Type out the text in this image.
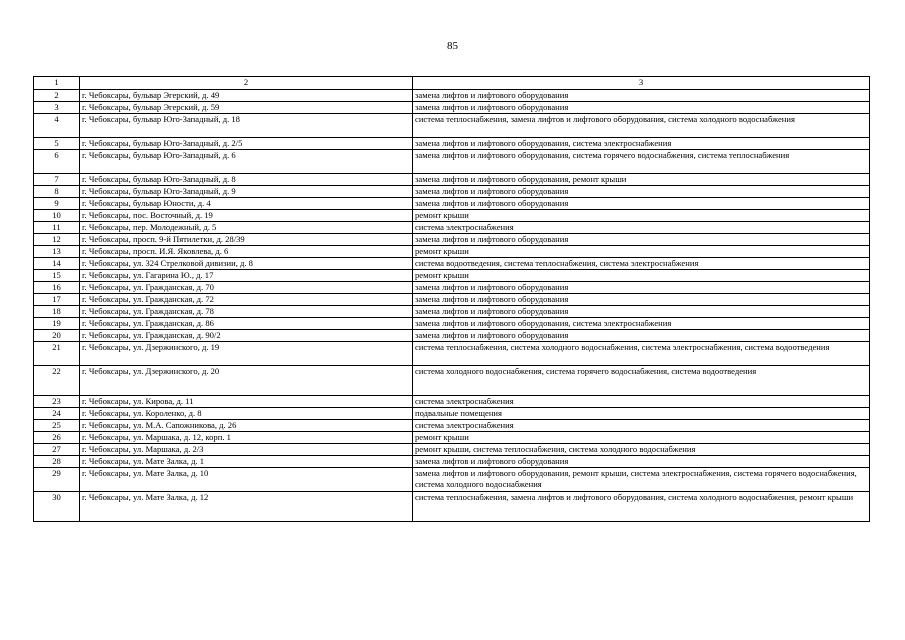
85
1	2	3
2	г. Чебоксары, бульвар Эгерский, д. 49	замена лифтов и лифтового оборудования
3	г. Чебоксары, бульвар Эгерский, д. 59	замена лифтов и лифтового оборудования
4	г. Чебоксары, бульвар Юго-Западный, д. 18	система теплоснабжения, замена лифтов и лифтового оборудования, система холодного водоснабжения
5	г. Чебоксары, бульвар Юго-Западный, д. 2/5	замена лифтов и лифтового оборудования, система электроснабжения
6	г. Чебоксары, бульвар Юго-Западный, д. 6	замена лифтов и лифтового оборудования, система горячего водоснабжения, система теплоснабжения
7	г. Чебоксары, бульвар Юго-Западный, д. 8	замена лифтов и лифтового оборудования, ремонт крыши
8	г. Чебоксары, бульвар Юго-Западный, д. 9	замена лифтов и лифтового оборудования
9	г. Чебоксары, бульвар Юности, д. 4	замена лифтов и лифтового оборудования
10	г. Чебоксары, пос. Восточный, д. 19	ремонт крыши
11	г. Чебоксары, пер. Молодежный, д. 5	система электроснабжения
12	г. Чебоксары, просп. 9-й Пятилетки, д. 28/39	замена лифтов и лифтового оборудования
13	г. Чебоксары, просп. И.Я. Яковлева, д. 6	ремонт крыши
14	г. Чебоксары, ул. 324 Стрелковой дивизии, д. 8	система водоотведения, система теплоснабжения, система электроснабжения
15	г. Чебоксары, ул. Гагарина Ю., д. 17	ремонт крыши
16	г. Чебоксары, ул. Гражданская, д. 70	замена лифтов и лифтового оборудования
17	г. Чебоксары, ул. Гражданская, д. 72	замена лифтов и лифтового оборудования
18	г. Чебоксары, ул. Гражданская, д. 78	замена лифтов и лифтового оборудования
19	г. Чебоксары, ул. Гражданская, д. 86	замена лифтов и лифтового оборудования, система электроснабжения
20	г. Чебоксары, ул. Гражданская, д. 90/2	замена лифтов и лифтового оборудования
21	г. Чебоксары, ул. Дзержинского, д. 19	система теплоснабжения, система холодного водоснабжения, система электроснабжения, система водоотведения
22	г. Чебоксары, ул. Дзержинского, д. 20	система холодного водоснабжения, система горячего водоснабжения, система водоотведения
23	г. Чебоксары, ул. Кирова, д. 11	система электроснабжения
24	г. Чебоксары, ул. Короленко, д. 8	подвальные помещения
25	г. Чебоксары, ул. М.А. Сапожникова, д. 26	система электроснабжения
26	г. Чебоксары, ул. Маршака, д. 12, корп. 1	ремонт крыши
27	г. Чебоксары, ул. Маршака, д. 2/3	ремонт крыши, система теплоснабжения, система холодного водоснабжения
28	г. Чебоксары, ул. Мате Залка, д. 1	замена лифтов и лифтового оборудования
29	г. Чебоксары, ул. Мате Залка, д. 10	замена лифтов и лифтового оборудования, ремонт крыши, система электроснабжения, система горячего водоснабжения, система холодного водоснабжения
30	г. Чебоксары, ул. Мате Залка, д. 12	система теплоснабжения, замена лифтов и лифтового оборудования, система холодного водоснабжения, ремонт крыши
